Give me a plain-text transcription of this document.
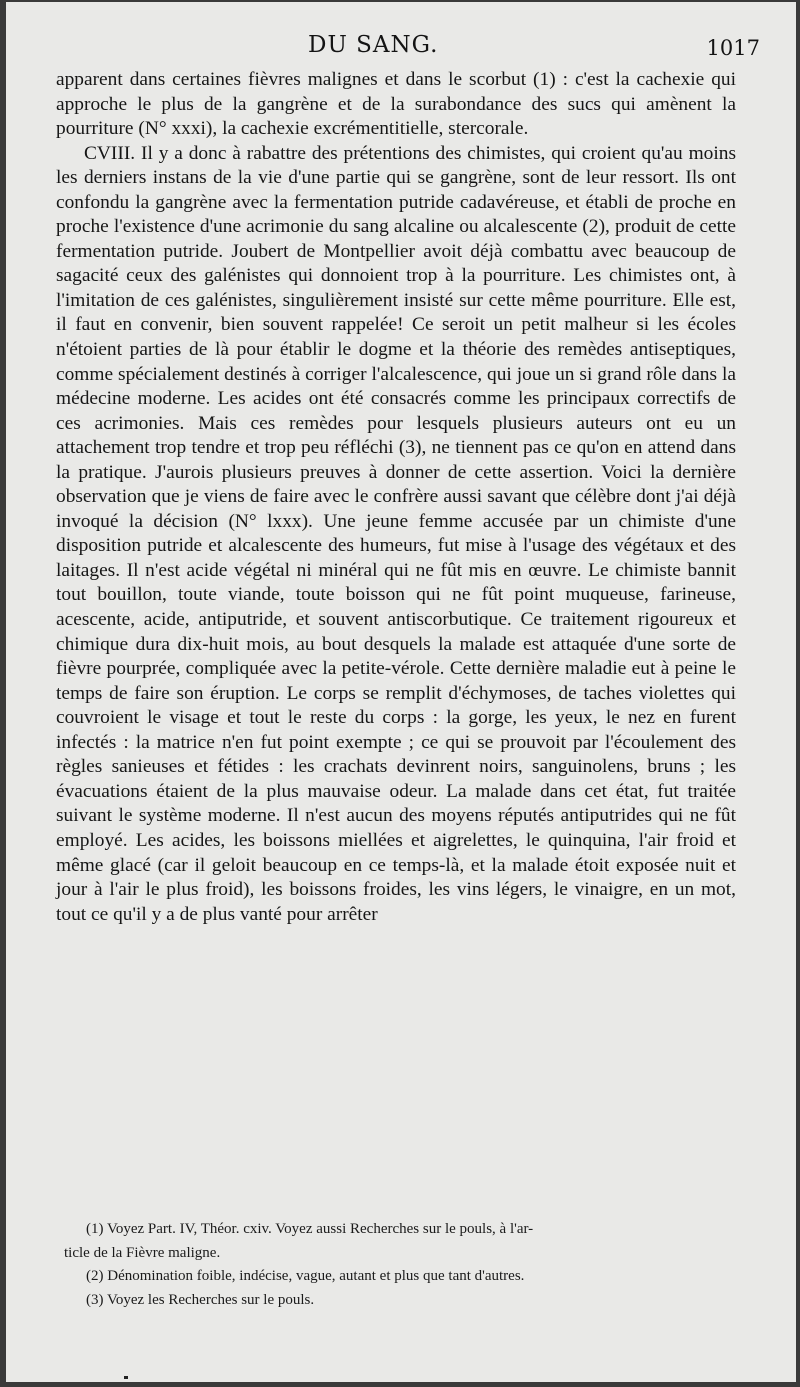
DU SANG.	1017

apparent dans certaines fièvres malignes et dans le scorbut (1) : c'est la cachexie qui approche le plus de la gangrène et de la surabondance des sucs qui amènent la pourriture (N° xxxi), la cachexie excrémentitielle, stercorale.

CVIII. Il y a donc à rabattre des prétentions des chimistes, qui croient qu'au moins les derniers instans de la vie d'une partie qui se gangrène, sont de leur ressort. Ils ont confondu la gangrène avec la fermentation putride cadavéreuse, et établi de proche en proche l'existence d'une acrimonie du sang alcaline ou alcalescente (2), produit de cette fermentation putride. Joubert de Montpellier avoit déjà combattu avec beaucoup de sagacité ceux des galénistes qui donnoient trop à la pourriture. Les chimistes ont, à l'imitation de ces galénistes, singulièrement insisté sur cette même pourriture. Elle est, il faut en convenir, bien souvent rappelée! Ce seroit un petit malheur si les écoles n'étoient parties de là pour établir le dogme et la théorie des remèdes antiseptiques, comme spécialement destinés à corriger l'alcalescence, qui joue un si grand rôle dans la médecine moderne. Les acides ont été consacrés comme les principaux correctifs de ces acrimonies. Mais ces remèdes pour lesquels plusieurs auteurs ont eu un attachement trop tendre et trop peu réfléchi (3), ne tiennent pas ce qu'on en attend dans la pratique. J'aurois plusieurs preuves à donner de cette assertion. Voici la dernière observation que je viens de faire avec le confrère aussi savant que célèbre dont j'ai déjà invoqué la décision (N° lxxx). Une jeune femme accusée par un chimiste d'une disposition putride et alcalescente des humeurs, fut mise à l'usage des végétaux et des laitages. Il n'est acide végétal ni minéral qui ne fût mis en œuvre. Le chimiste bannit tout bouillon, toute viande, toute boisson qui ne fût point muqueuse, farineuse, acescente, acide, antiputride, et souvent antiscorbutique. Ce traitement rigoureux et chimique dura dix-huit mois, au bout desquels la malade est attaquée d'une sorte de fièvre pourprée, compliquée avec la petite-vérole. Cette dernière maladie eut à peine le temps de faire son éruption. Le corps se remplit d'échymoses, de taches violettes qui couvroient le visage et tout le reste du corps : la gorge, les yeux, le nez en furent infectés : la matrice n'en fut point exempte ; ce qui se prouvoit par l'écoulement des règles sanieuses et fétides : les crachats devinrent noirs, sanguinolens, bruns ; les évacuations étaient de la plus mauvaise odeur. La malade dans cet état, fut traitée suivant le système moderne. Il n'est aucun des moyens réputés antiputrides qui ne fût employé. Les acides, les boissons miellées et aigrelettes, le quinquina, l'air froid et même glacé (car il geloit beaucoup en ce temps-là, et la malade étoit exposée nuit et jour à l'air le plus froid), les boissons froides, les vins légers, le vinaigre, en un mot, tout ce qu'il y a de plus vanté pour arrêter

(1) Voyez Part. IV, Théor. cxiv. Voyez aussi Recherches sur le pouls, à l'ar-

ticle de la Fièvre maligne.

(2) Dénomination foible, indécise, vague, autant et plus que tant d'autres.

(3) Voyez les Recherches sur le pouls.
